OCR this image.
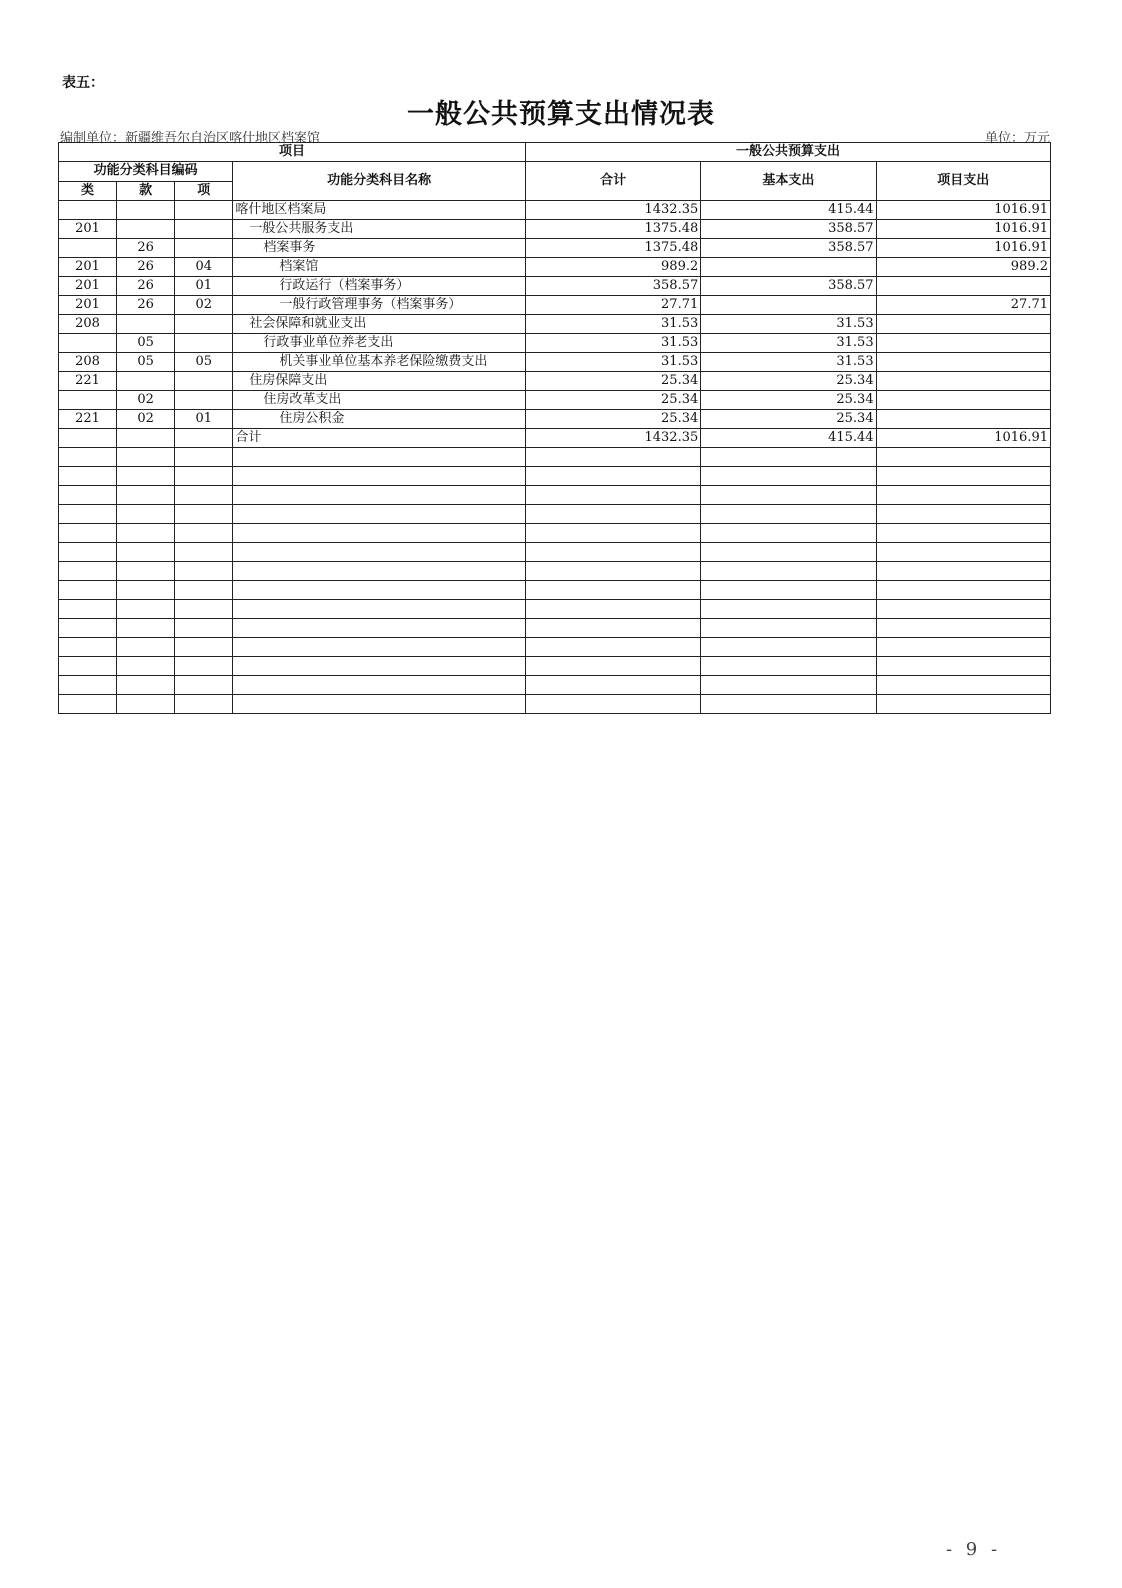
表五：
一般公共预算支出情况表
编制单位：新疆维吾尔自治区喀什地区档案馆	单位：万元
项目				一般公共预算支出		
功能分类科目编码			功能分类科目名称	合计	基本支出	项目支出
类	款	项				
			喀什地区档案局	1432.35	415.44	1016.91
201			一般公共服务支出	1375.48	358.57	1016.91
	26		档案事务	1375.48	358.57	1016.91
201	26	04	档案馆	989.2		989.2
201	26	01	行政运行（档案事务）	358.57	358.57	
201	26	02	一般行政管理事务（档案事务）	27.71		27.71
208			社会保障和就业支出	31.53	31.53	
	05		行政事业单位养老支出	31.53	31.53	
208	05	05	机关事业单位基本养老保险缴费支出	31.53	31.53	
221			住房保障支出	25.34	25.34	
	02		住房改革支出	25.34	25.34	
221	02	01	住房公积金	25.34	25.34	
			合计	1432.35	415.44	1016.91

- 9 -
